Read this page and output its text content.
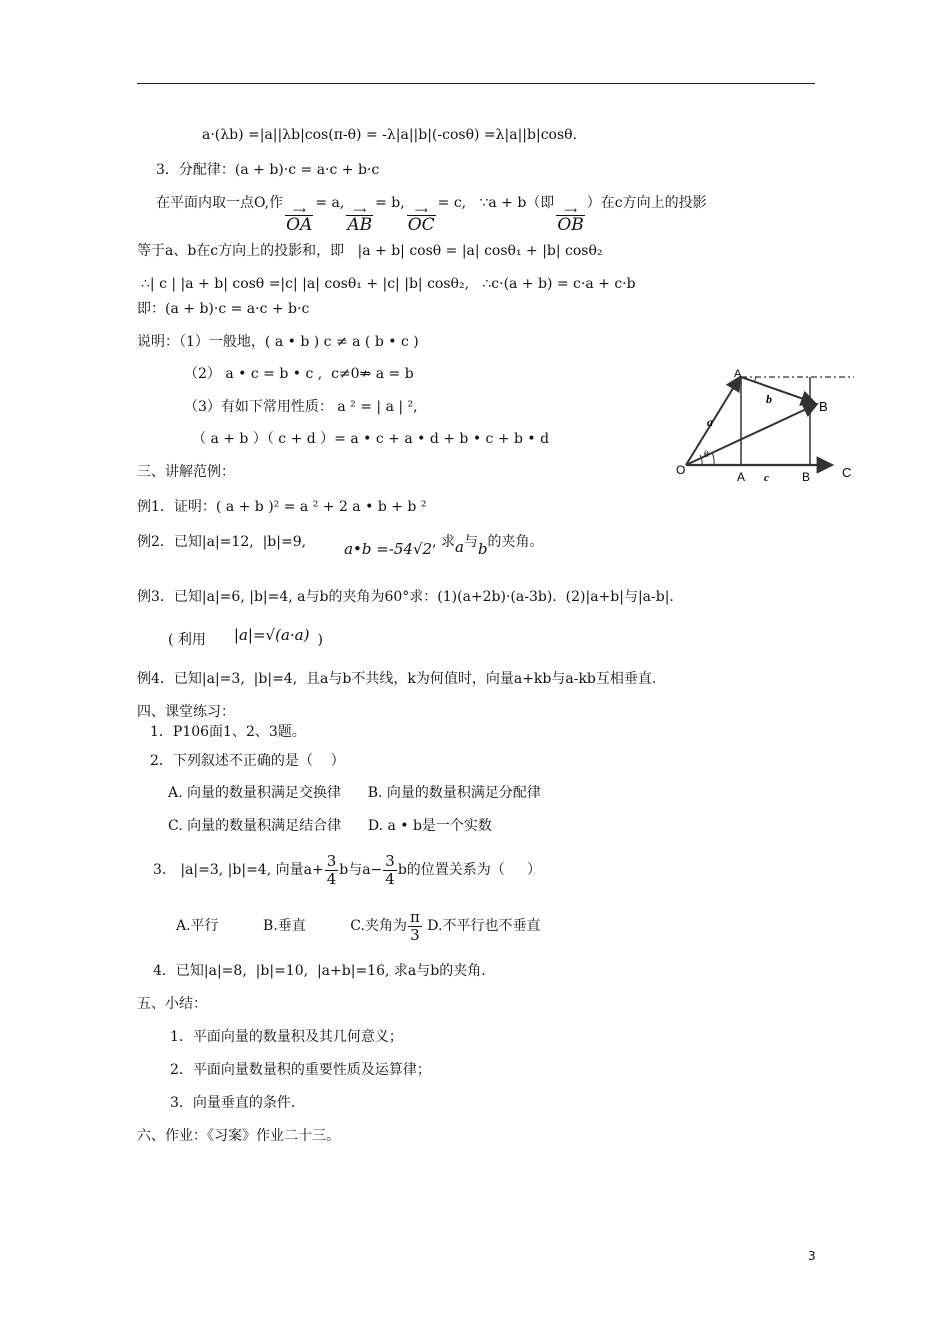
a·(λb) =|a||λb|cos(π-θ) = -λ|a||b|(-cosθ) =λ|a||b|cosθ.
3．分配律：(a + b)·c = a·c + b·c
在平面内取一点O,作 ⟶
OA
= a, ⟶
AB
= b, ⟶
OC
= c,   ∵a + b（即 ⟶
OB
）在c方向上的投影
等于a、b在c方向上的投影和，即   |a + b| cosθ = |a| cosθ₁ + |b| cosθ₂
∴| c | |a + b| cosθ =|c| |a| cosθ₁ + |c| |b| cosθ₂,   ∴c·(a + b) = c·a + c·b
即：(a + b)·c = a·c + b·c
说明：（1）一般地，( a • b ) c ≠ a ( b • c )
（2） a • c = b • c ,  c≠0⇏ a = b
（3）有如下常用性质： a ² = | a | ²,
（ a + b ）（ c + d ）= a • c + a • d + b • c + b • d
三、讲解范例：
例1．证明：( a + b )² = a ² + 2 a • b + b ²
例2．已知|a|=12,  |b|=9,	a•b =-54√2, 求a与b的夹角。
例3．已知|a|=6, |b|=4, a与b的夹角为60°求：(1)(a+2b)·(a-3b).  (2)|a+b|与|a-b|.
( 利用 |a|=√(a·a) )
例4．已知|a|=3,  |b|=4,  且a与b不共线，k为何值时，向量a+kb与a-kb互相垂直.
四、课堂练习：
1．P106面1、2、3题。
2．下列叙述不正确的是（    ）
A. 向量的数量积满足交换律      B. 向量的数量积满足分配律
C. 向量的数量积满足结合律      D. a • b是一个实数
3． |a|=3, |b|=4, 向量$a+ \frac{3}{4}$ b与$a- \frac{3}{4}$ b的位置关系为（     ）
A.平行          B.垂直          C.夹角为 $\frac{\pi}{3} D$.不平行也不垂直
4．已知|a|=8,  |b|=10,  |a+b|=16, 求a与b的夹角.
五、小结：
1．平面向量的数量积及其几何意义；
2．平面向量数量积的重要性质及运算律；
3．向量垂直的条件.
六、作业：《习案》作业二十三。
A
b	B
a
O
θ
A c	B C
3
